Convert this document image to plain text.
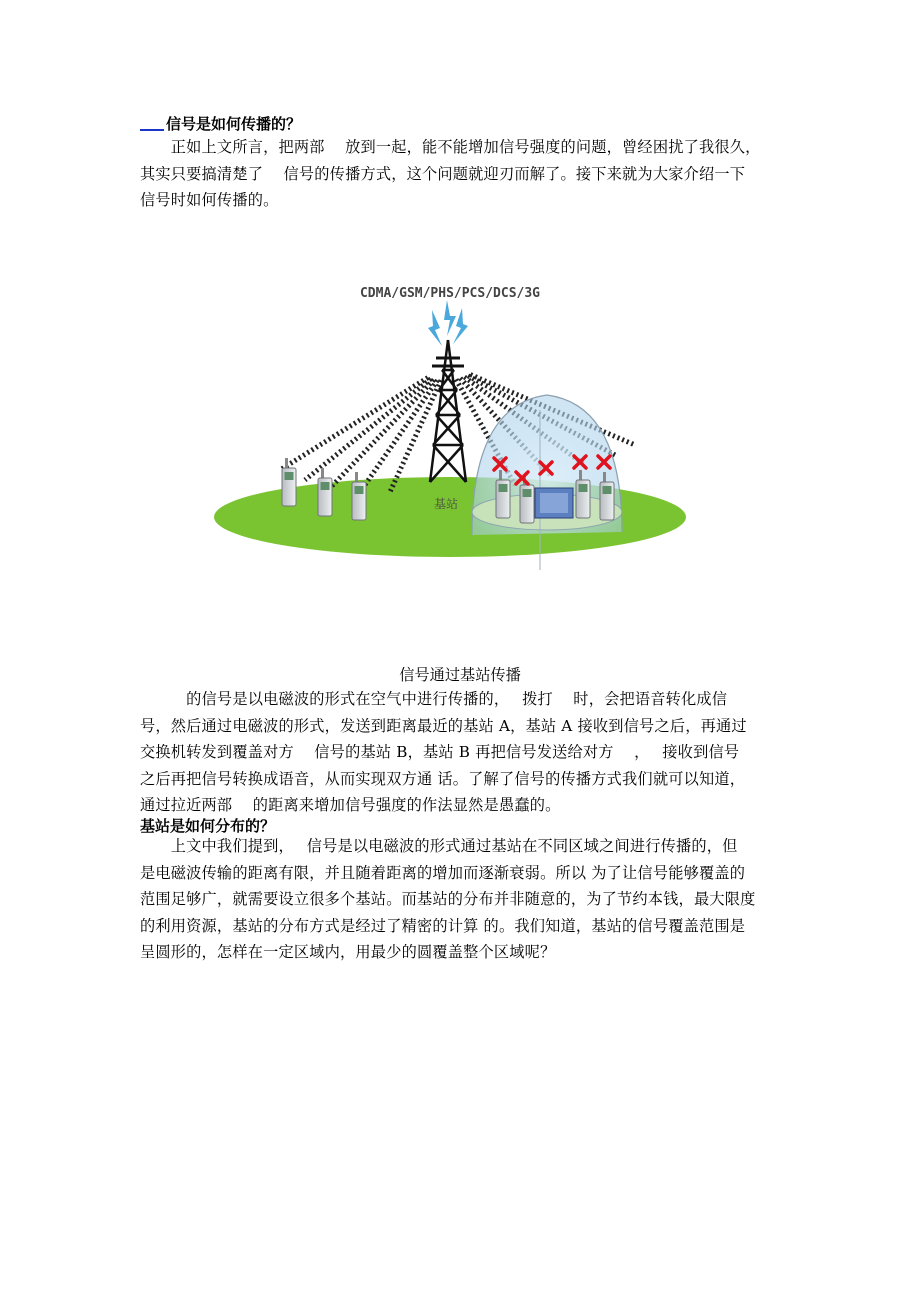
信号是如何传播的？

　　正如上文所言，把两部　 放到一起，能不能增加信号强度的问题，曾经困扰了我很久，
其实只要搞清楚了　 信号的传播方式，这个问题就迎刃而解了。接下来就为大家介绍一下
信号时如何传播的。

CDMA/GSM/PHS/PCS/DCS/3G
基站
信号通过基站传播

　　　的信号是以电磁波的形式在空气中进行传播的，　 拨打　 时，会把语音转化成信
号，然后通过电磁波的形式，发送到距离最近的基站 A，基站 A 接收到信号之后，再通过
交换机转发到覆盖对方　 信号的基站 B，基站 B 再把信号发送给对方　 ，　 接收到信号
之后再把信号转换成语音，从而实现双方通 话。了解了信号的传播方式我们就可以知道，
通过拉近两部　 的距离来增加信号强度的作法显然是愚蠢的。

基站是如何分布的？

　　上文中我们提到，　 信号是以电磁波的形式通过基站在不同区域之间进行传播的，但
是电磁波传输的距离有限，并且随着距离的增加而逐渐衰弱。所以 为了让信号能够覆盖的
范围足够广，就需要设立很多个基站。而基站的分布并非随意的，为了节约本钱，最大限度
的利用资源，基站的分布方式是经过了精密的计算 的。我们知道，基站的信号覆盖范围是
呈圆形的，怎样在一定区域内，用最少的圆覆盖整个区域呢？
